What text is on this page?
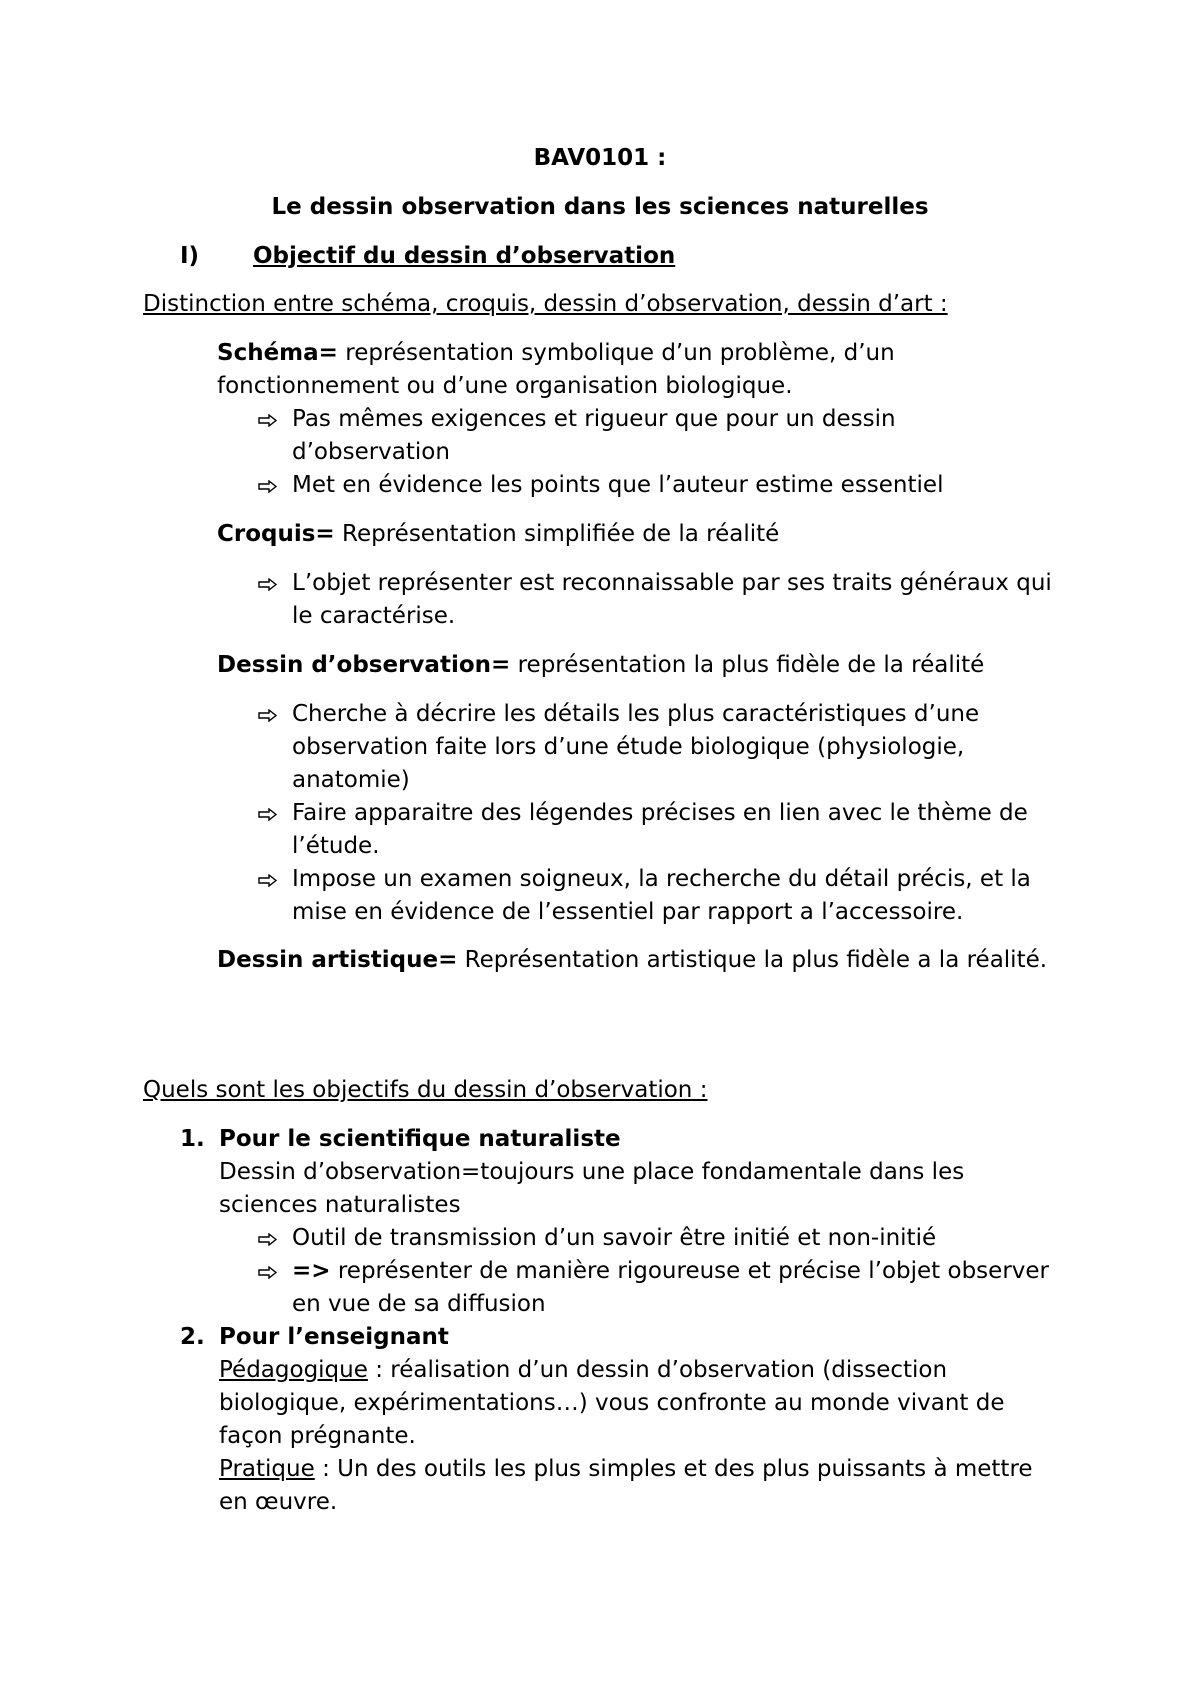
BAV0101 :
Le dessin observation dans les sciences naturelles
I) Objectif du dessin d’observation
Distinction entre schéma, croquis, dessin d’observation, dessin d’art :
Schéma= représentation symbolique d’un problème, d’un fonctionnement ou d’une organisation biologique.
Pas mêmes exigences et rigueur que pour un dessin d’observation
Met en évidence les points que l’auteur estime essentiel
Croquis= Représentation simplifiée de la réalité
L’objet représenter est reconnaissable par ses traits généraux qui le caractérise.
Dessin d’observation= représentation la plus fidèle de la réalité
Cherche à décrire les détails les plus caractéristiques d’une observation faite lors d’une étude biologique (physiologie, anatomie)
Faire apparaitre des légendes précises en lien avec le thème de l’étude.
Impose un examen soigneux, la recherche du détail précis, et la mise en évidence de l’essentiel par rapport a l’accessoire.
Dessin artistique= Représentation artistique la plus fidèle a la réalité.
Quels sont les objectifs du dessin d’observation :
1. Pour le scientifique naturaliste
Dessin d’observation=toujours une place fondamentale dans les sciences naturalistes
Outil de transmission d’un savoir être initié et non-initié
=> représenter de manière rigoureuse et précise l’objet observer en vue de sa diffusion
2. Pour l’enseignant
Pédagogique : réalisation d’un dessin d’observation (dissection biologique, expérimentations…) vous confronte au monde vivant de façon prégnante.
Pratique : Un des outils les plus simples et des plus puissants à mettre en œuvre.
